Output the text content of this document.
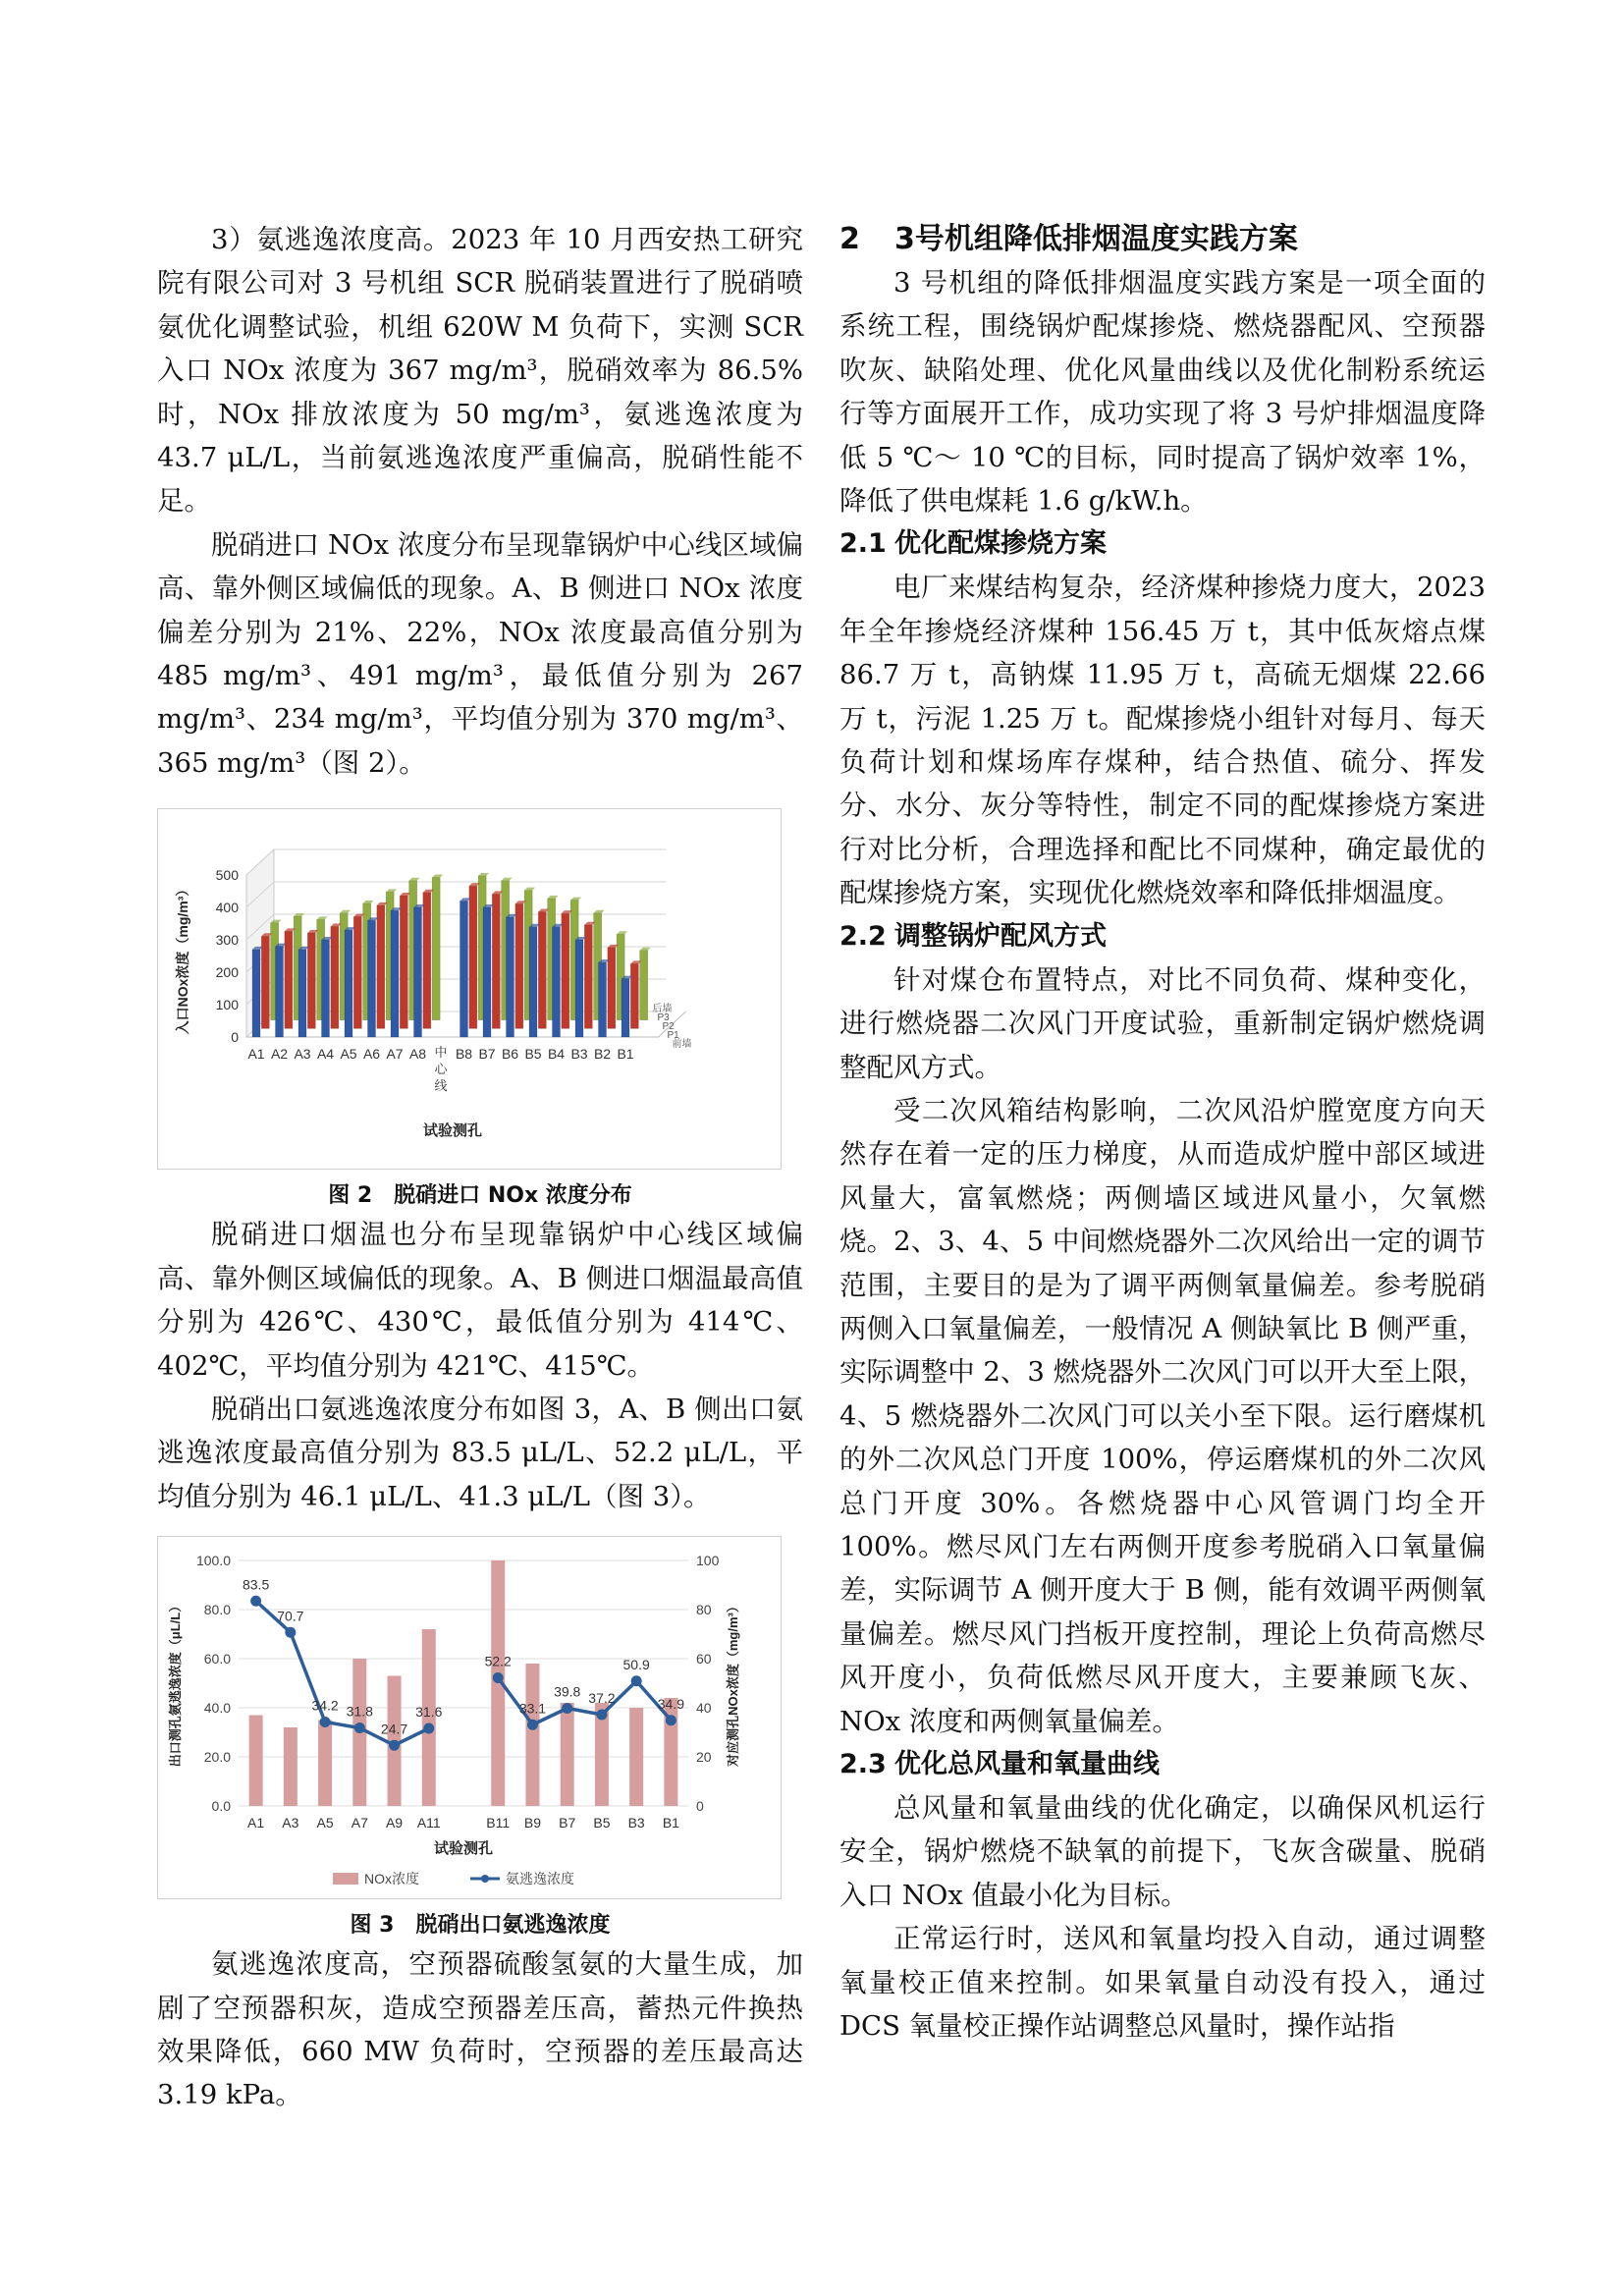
3）氨逃逸浓度高。2023 年 10 月西安热工研究院有限公司对 3 号机组 SCR 脱硝装置进行了脱硝喷氨优化调整试验，机组 620W M 负荷下，实测 SCR 入口 NOx 浓度为 367 mg/m³，脱硝效率为 86.5%时，NOx 排放浓度为 50 mg/m³，氨逃逸浓度为 43.7 μL/L，当前氨逃逸浓度严重偏高，脱硝性能不足。

脱硝进口 NOx 浓度分布呈现靠锅炉中心线区域偏高、靠外侧区域偏低的现象。A、B 侧进口 NOx 浓度偏差分别为 21%、22%，NOx 浓度最高值分别为 485 mg/m³、491 mg/m³，最低值分别为 267 mg/m³、234 mg/m³，平均值分别为 370 mg/m³、365 mg/m³（图 2）。

0
100
200
300
400
500
A1 A2 A3 A4 A5 A6 A7 A8 中
心
线
B8 B7 B6 B5 B4 B3 B2 B1
前墙
P1
P2
P3
后墙
试验测孔
入口NOx浓度（mg/m³）
图 2　脱硝进口 NOx 浓度分布

脱硝进口烟温也分布呈现靠锅炉中心线区域偏高、靠外侧区域偏低的现象。A、B 侧进口烟温最高值分别为 426℃、430℃，最低值分别为 414℃、402℃，平均值分别为 421℃、415℃。

脱硝出口氨逃逸浓度分布如图 3，A、B 侧出口氨逃逸浓度最高值分别为 83.5 μL/L、52.2 μL/L，平均值分别为 46.1 μL/L、41.3 μL/L（图 3）。

0.0	0
20.0	20
40.0	40
60.0	60
80.0	80
100.0	100
83.5
70.7
34.2 31.8
24.7
31.6
52.2
33.1
39.8 37.2
50.9
34.9
A1 A3 A5 A7 A9 A11	B11 B9 B7 B5 B3 B1
试验测孔
出口测孔氨逃逸浓度（μL/L）	对应测孔NOx浓度（mg/m³）
NOx浓度	氨逃逸浓度
图 3　脱硝出口氨逃逸浓度

氨逃逸浓度高，空预器硫酸氢氨的大量生成，加剧了空预器积灰，造成空预器差压高，蓄热元件换热效果降低，660 MW 负荷时，空预器的差压最高达 3.19 kPa。

2 3号机组降低排烟温度实践方案

3 号机组的降低排烟温度实践方案是一项全面的系统工程，围绕锅炉配煤掺烧、燃烧器配风、空预器吹灰、缺陷处理、优化风量曲线以及优化制粉系统运行等方面展开工作，成功实现了将 3 号炉排烟温度降低 5 ℃～ 10 ℃的目标，同时提高了锅炉效率 1%，降低了供电煤耗 1.6 g/kW.h。

2.1 优化配煤掺烧方案

电厂来煤结构复杂，经济煤种掺烧力度大，2023 年全年掺烧经济煤种 156.45 万 t，其中低灰熔点煤 86.7 万 t，高钠煤 11.95 万 t，高硫无烟煤 22.66 万 t，污泥 1.25 万 t。配煤掺烧小组针对每月、每天负荷计划和煤场库存煤种，结合热值、硫分、挥发分、水分、灰分等特性，制定不同的配煤掺烧方案进行对比分析，合理选择和配比不同煤种，确定最优的配煤掺烧方案，实现优化燃烧效率和降低排烟温度。

2.2 调整锅炉配风方式

针对煤仓布置特点，对比不同负荷、煤种变化，进行燃烧器二次风门开度试验，重新制定锅炉燃烧调整配风方式。

受二次风箱结构影响，二次风沿炉膛宽度方向天然存在着一定的压力梯度，从而造成炉膛中部区域进风量大，富氧燃烧；两侧墙区域进风量小，欠氧燃烧。2、3、4、5 中间燃烧器外二次风给出一定的调节范围，主要目的是为了调平两侧氧量偏差。参考脱硝两侧入口氧量偏差，一般情况 A 侧缺氧比 B 侧严重，实际调整中 2、3 燃烧器外二次风门可以开大至上限，4、5 燃烧器外二次风门可以关小至下限。运行磨煤机的外二次风总门开度 100%，停运磨煤机的外二次风总门开度 30%。各燃烧器中心风管调门均全开 100%。燃尽风门左右两侧开度参考脱硝入口氧量偏差，实际调节 A 侧开度大于 B 侧，能有效调平两侧氧量偏差。燃尽风门挡板开度控制，理论上负荷高燃尽风开度小，负荷低燃尽风开度大，主要兼顾飞灰、NOx 浓度和两侧氧量偏差。

2.3 优化总风量和氧量曲线

总风量和氧量曲线的优化确定，以确保风机运行安全，锅炉燃烧不缺氧的前提下，飞灰含碳量、脱硝入口 NOx 值最小化为目标。

正常运行时，送风和氧量均投入自动，通过调整氧量校正值来控制。如果氧量自动没有投入，通过 DCS 氧量校正操作站调整总风量时，操作站指
